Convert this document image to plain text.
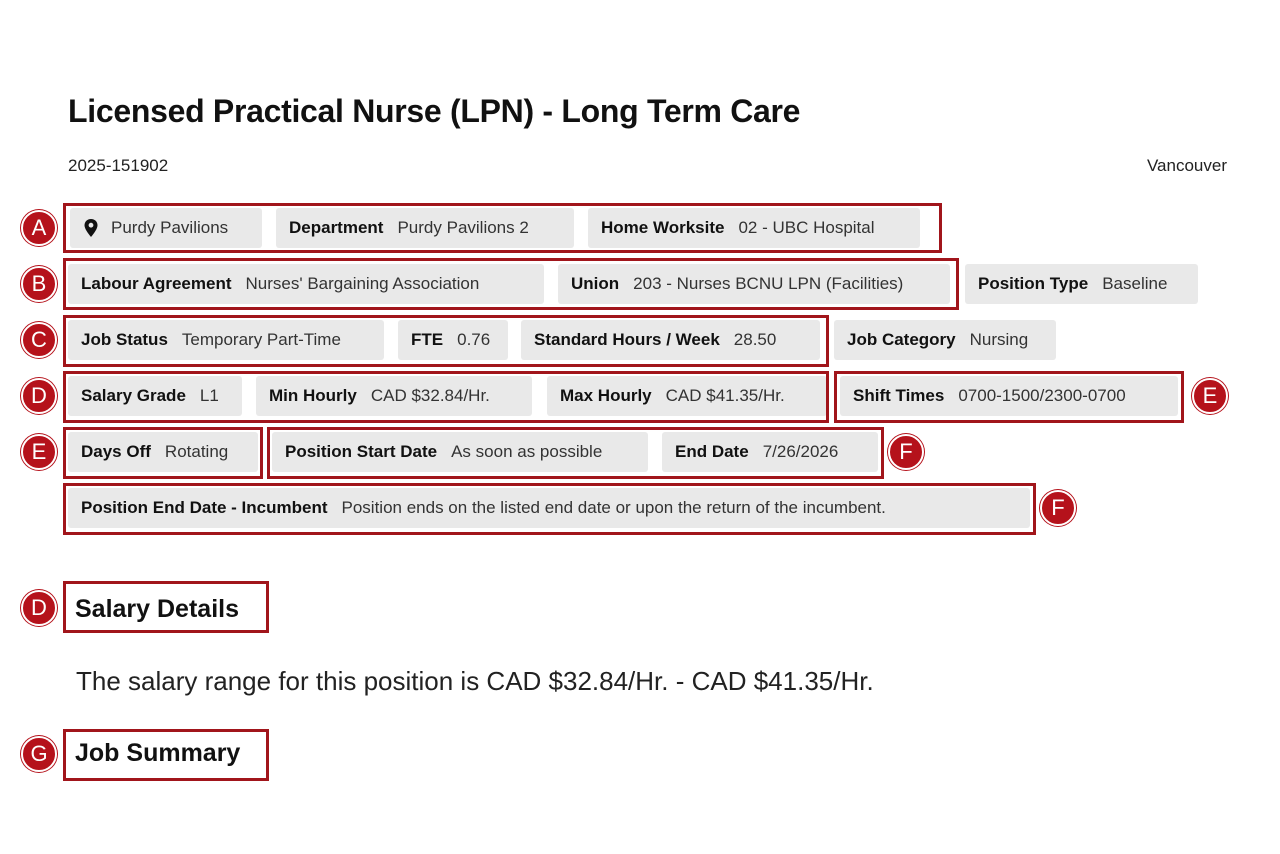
Licensed Practical Nurse (LPN) - Long Term Care
2025-151902	Vancouver
Purdy Pavilions	Department Purdy Pavilions 2	Home Worksite 02 - UBC Hospital
Labour Agreement Nurses' Bargaining Association	Union 203 - Nurses BCNU LPN (Facilities)	Position Type Baseline
Job Status Temporary Part-Time	FTE 0.76	Standard Hours / Week 28.50	Job Category Nursing
Salary Grade L1	Min Hourly CAD $32.84/Hr.	Max Hourly CAD $41.35/Hr.	Shift Times 0700-1500/2300-0700
Days Off Rotating	Position Start Date As soon as possible	End Date 7/26/2026
Position End Date - Incumbent Position ends on the listed end date or upon the return of the incumbent.
A
B
C
D	E
E	F
F
D
G
Salary Details
The salary range for this position is CAD $32.84/Hr. - CAD $41.35/Hr.
Job Summary
